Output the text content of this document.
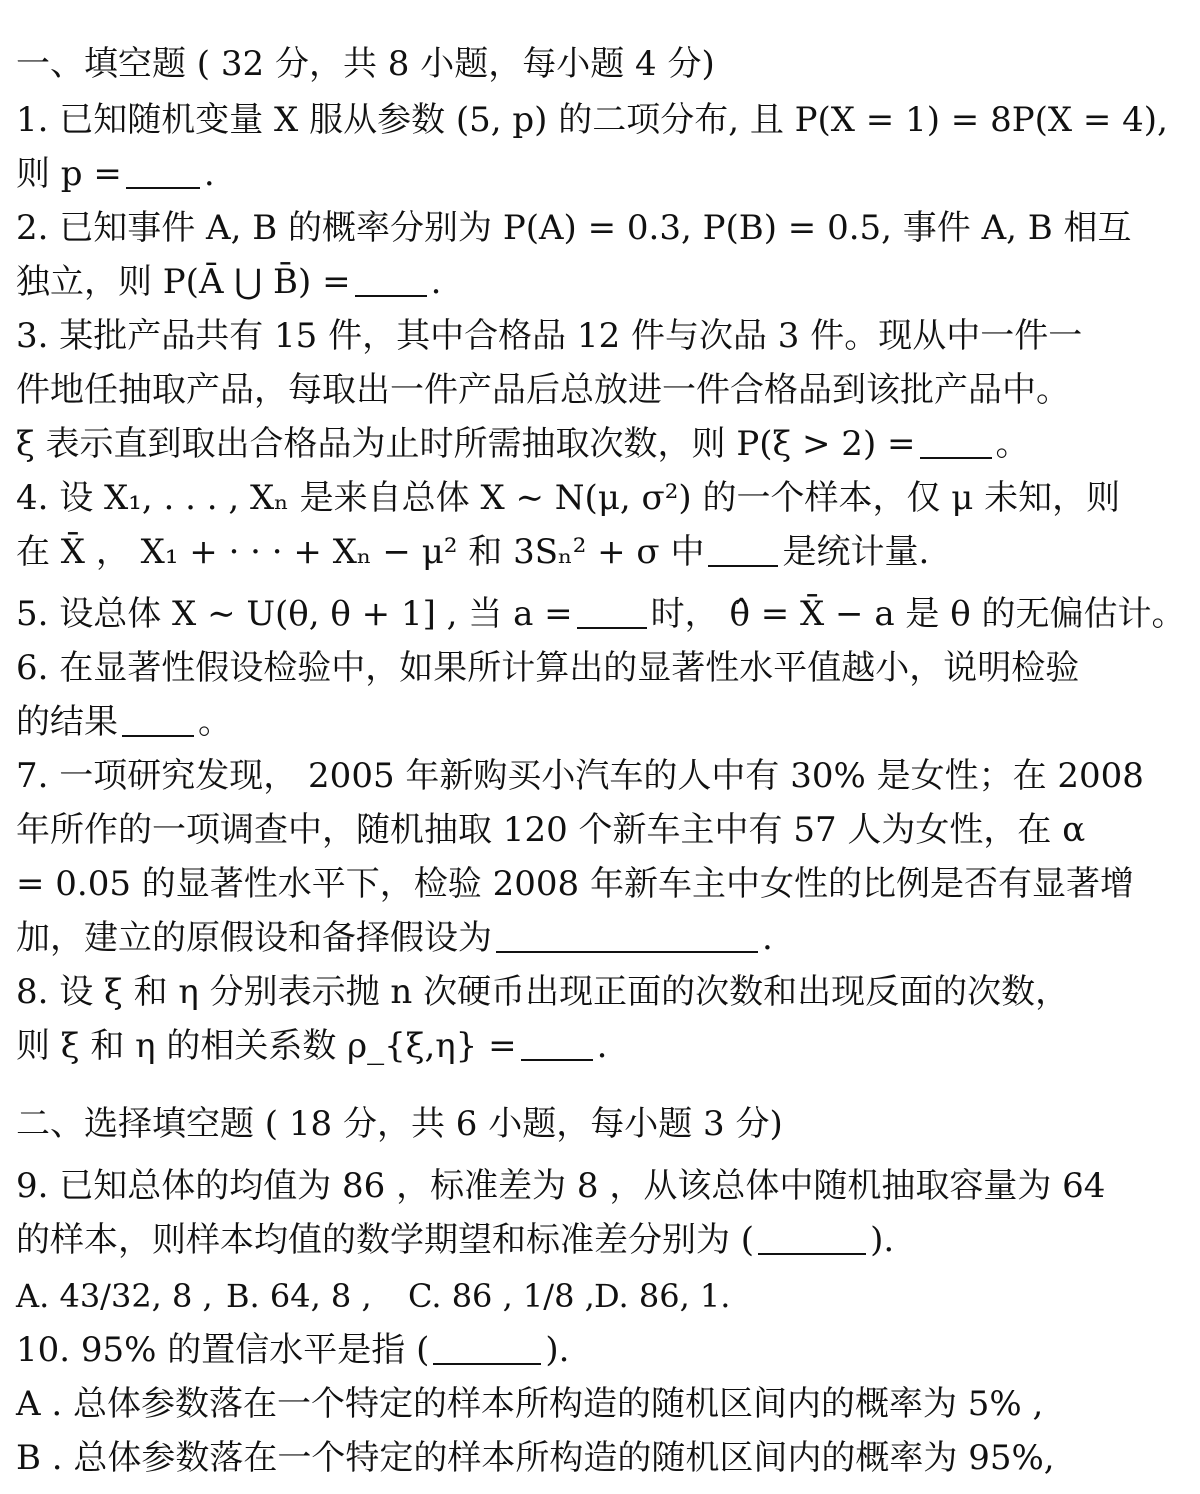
一、填空题 ( 32 分，共 8 小题，每小题 4 分)
1. 已知随机变量 X 服从参数 (5, p) 的二项分布, 且 P(X = 1) = 8P(X = 4),
则 p = .
2. 已知事件 A, B 的概率分别为 P(A) = 0.3, P(B) = 0.5, 事件 A, B 相互
独立，则 P(Ā ⋃ B̄) = .
3. 某批产品共有 15 件，其中合格品 12 件与次品 3 件。现从中一件一
件地任抽取产品，每取出一件产品后总放进一件合格品到该批产品中。
ξ 表示直到取出合格品为止时所需抽取次数，则 P(ξ > 2) = 。
4. 设 X₁, . . . , Xₙ 是来自总体 X ∼ N(μ, σ²) 的一个样本，仅 μ 未知，则
在 X̄ ， X₁ + · · · + Xₙ − μ² 和 3Sₙ² + σ 中 是统计量.
5. 设总体 X ∼ U(θ, θ + 1] , 当 a = 时， θ̂ = X̄ − a 是 θ 的无偏估计。
6. 在显著性假设检验中，如果所计算出的显著性水平值越小，说明检验
的结果 。
7. 一项研究发现， 2005 年新购买小汽车的人中有 30% 是女性；在 2008
年所作的一项调查中，随机抽取 120 个新车主中有 57 人为女性，在 α
= 0.05 的显著性水平下，检验 2008 年新车主中女性的比例是否有显著增
加，建立的原假设和备择假设为	.
8. 设 ξ 和 η 分别表示抛 n 次硬币出现正面的次数和出现反面的次数，
则 ξ 和 η 的相关系数 ρ_{ξ,η} = .
二、选择填空题 ( 18 分，共 6 小题，每小题 3 分)
9. 已知总体的均值为 86 ，标准差为 8 ，从该总体中随机抽取容量为 64
的样本，则样本均值的数学期望和标准差分别为 (	).
A. 43/32, 8 , B. 64, 8 , C. 86 , 1/8 , D. 86, 1.
10. 95% 的置信水平是指 (	).
A . 总体参数落在一个特定的样本所构造的随机区间内的概率为 5% ,
B . 总体参数落在一个特定的样本所构造的随机区间内的概率为 95%,
